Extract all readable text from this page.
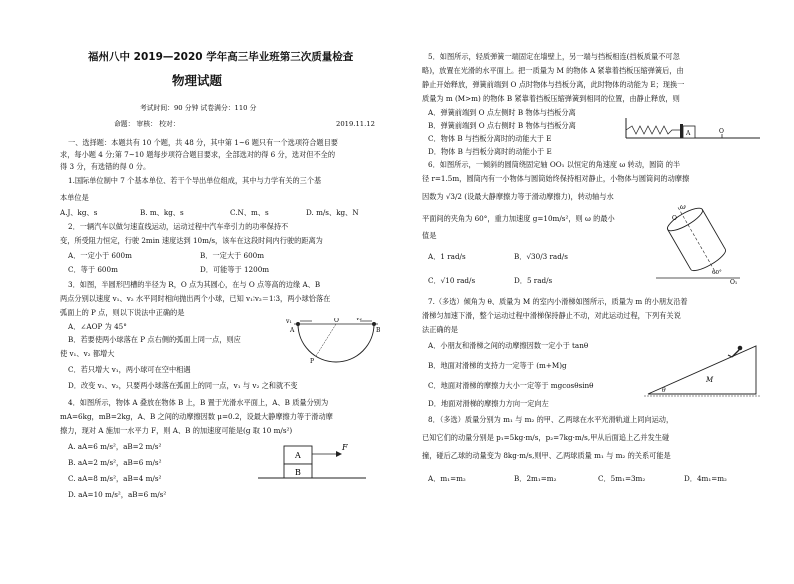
福州八中 2019—2020 学年高三毕业班第三次质量检查
物理试题
考试时间：90 分钟 试卷满分：110 分
命题： 审核： 校对：	2019.11.12
一、选择题：本题共有 10 个题，共 48 分，其中第 1~6 题只有一个选项符合题目要
求，每小题 4 分;第 7~10 题每步项符合题目要求，全部选对的得 6 分，选对但不全的
得 3 分，有选错的得 0 分。
1.国际单位制中 7 个基本单位、若干个导出单位组成，其中与力学有关的三个基
本单位是
A.J、kg、s	B. m、kg、s	C.N、m、s	D. m/s、kg、N
2．一辆汽车以做匀速直线运动，运动过程中汽车牵引力的功率保持不
变，所受阻力恒定，行驶 2min 速度达到 10m/s，该车在这段时间内行驶的距离为
A．一定小于 600m	B．一定大于 600m
C．等于 600m	D．可能等于 1200m
3．如图，半圆形凹槽的半径为 R，O 点为其圆心，在与 O 点等高的边缘 A、B
两点分别以速度 v₁、v₂ 水平同时相向抛出两个小球，已知 v₁∶v₂＝1∶3，两小球恰落在
弧面上的 P 点，则以下说法中正确的是
A．∠AOP 为 45°
B．若要使两小球落在 P 点右侧的弧面上同一点，则应
使 v₁、v₂ 都增大
C．若只增大 v₁，两小球可在空中相遇
D．改变 v₁、v₂，只要两小球落在弧面上的同一点，v₁ 与 v₂ 之和就不变
v₁
A
O
B
v₂
P
4．如图所示，物体 A 叠放在物体 B 上，B 置于光滑水平面上，A、B 质量分别为
mA=6kg，mB=2kg，A、B 之间的动摩擦因数 μ=0.2，设最大静摩擦力等于滑动摩
擦力，现对 A 施加一水平力 F，则 A、B 的加速度可能是(g 取 10 m/s²)
A. aA=6 m/s²，aB=2 m/s²
B. aA=2 m/s²，aB=6 m/s²
C. aA=8 m/s²，aB=4 m/s²
D. aA=10 m/s²，aB=6 m/s²
A
B
F
5．如图所示，轻质弹簧一端固定在墙壁上，另一端与挡板相连(挡板质量不可忽
略)，放置在光滑的水平面上。把一质量为 M 的物体 A 紧靠着挡板压缩弹簧后，由
静止开始释放，弹簧前端到 O 点时物体与挡板分离，此时物体的动能为 E；现换一
质量为 m (M>m) 的物体 B 紧靠着挡板压缩弹簧到相同的位置，由静止释放，则
A．弹簧前端到 O 点左侧时 B 物体与挡板分离
B．弹簧前端到 O 点右侧时 B 物体与挡板分离
C．物体 B 与挡板分离时的动能大于 E
D．物体 B 与挡板分离时的动能小于 E
A	O
6．如图所示，一倾斜的圆筒绕固定轴 OO₁ 以恒定的角速度 ω 转动，圆筒 的半
径 r=1.5m，圆筒内有一小物体与圆筒始终保持相对静止，小物体与圆筒间的动摩擦
因数为 √3/2 (设最大静摩擦力等于滑动摩擦力)，转动轴与水
平面间的夹角为 60°，重力加速度 g=10m/s²，则 ω 的最小
值是
A．1 rad/s	B．√30/3 rad/s
C．√10 rad/s	D．5 rad/s
ω
O
O₁
60°
7.（多选）倾角为 θ、质量为 M 的室内小滑梯如图所示，质量为 m 的小朋友沿着
滑梯匀加速下滑，整个运动过程中滑梯保持静止不动，对此运动过程，下列有关说
法正确的是
A．小朋友和滑梯之间的动摩擦因数一定小于 tanθ
B．地面对滑梯的支持力一定等于 (m+M)g
C．地面对滑梯的摩擦力大小一定等于 mgcosθsinθ
D．地面对滑梯的摩擦力方向一定向左
M
θ
8．（多选）质量分别为 m₁ 与 m₂ 的甲、乙两球在水平光滑轨道上同向运动，
已知它们的动量分别是 p₁=5kg·m/s，p₂=7kg·m/s,甲从后面追上乙并发生碰
撞，碰后乙球的动量变为 8kg·m/s,则甲、乙两球质量 m₁ 与 m₂ 的关系可能是
A．m₁=m₂	B．2m₁=m₂	C．5m₁=3m₂	D．4m₁=m₂
